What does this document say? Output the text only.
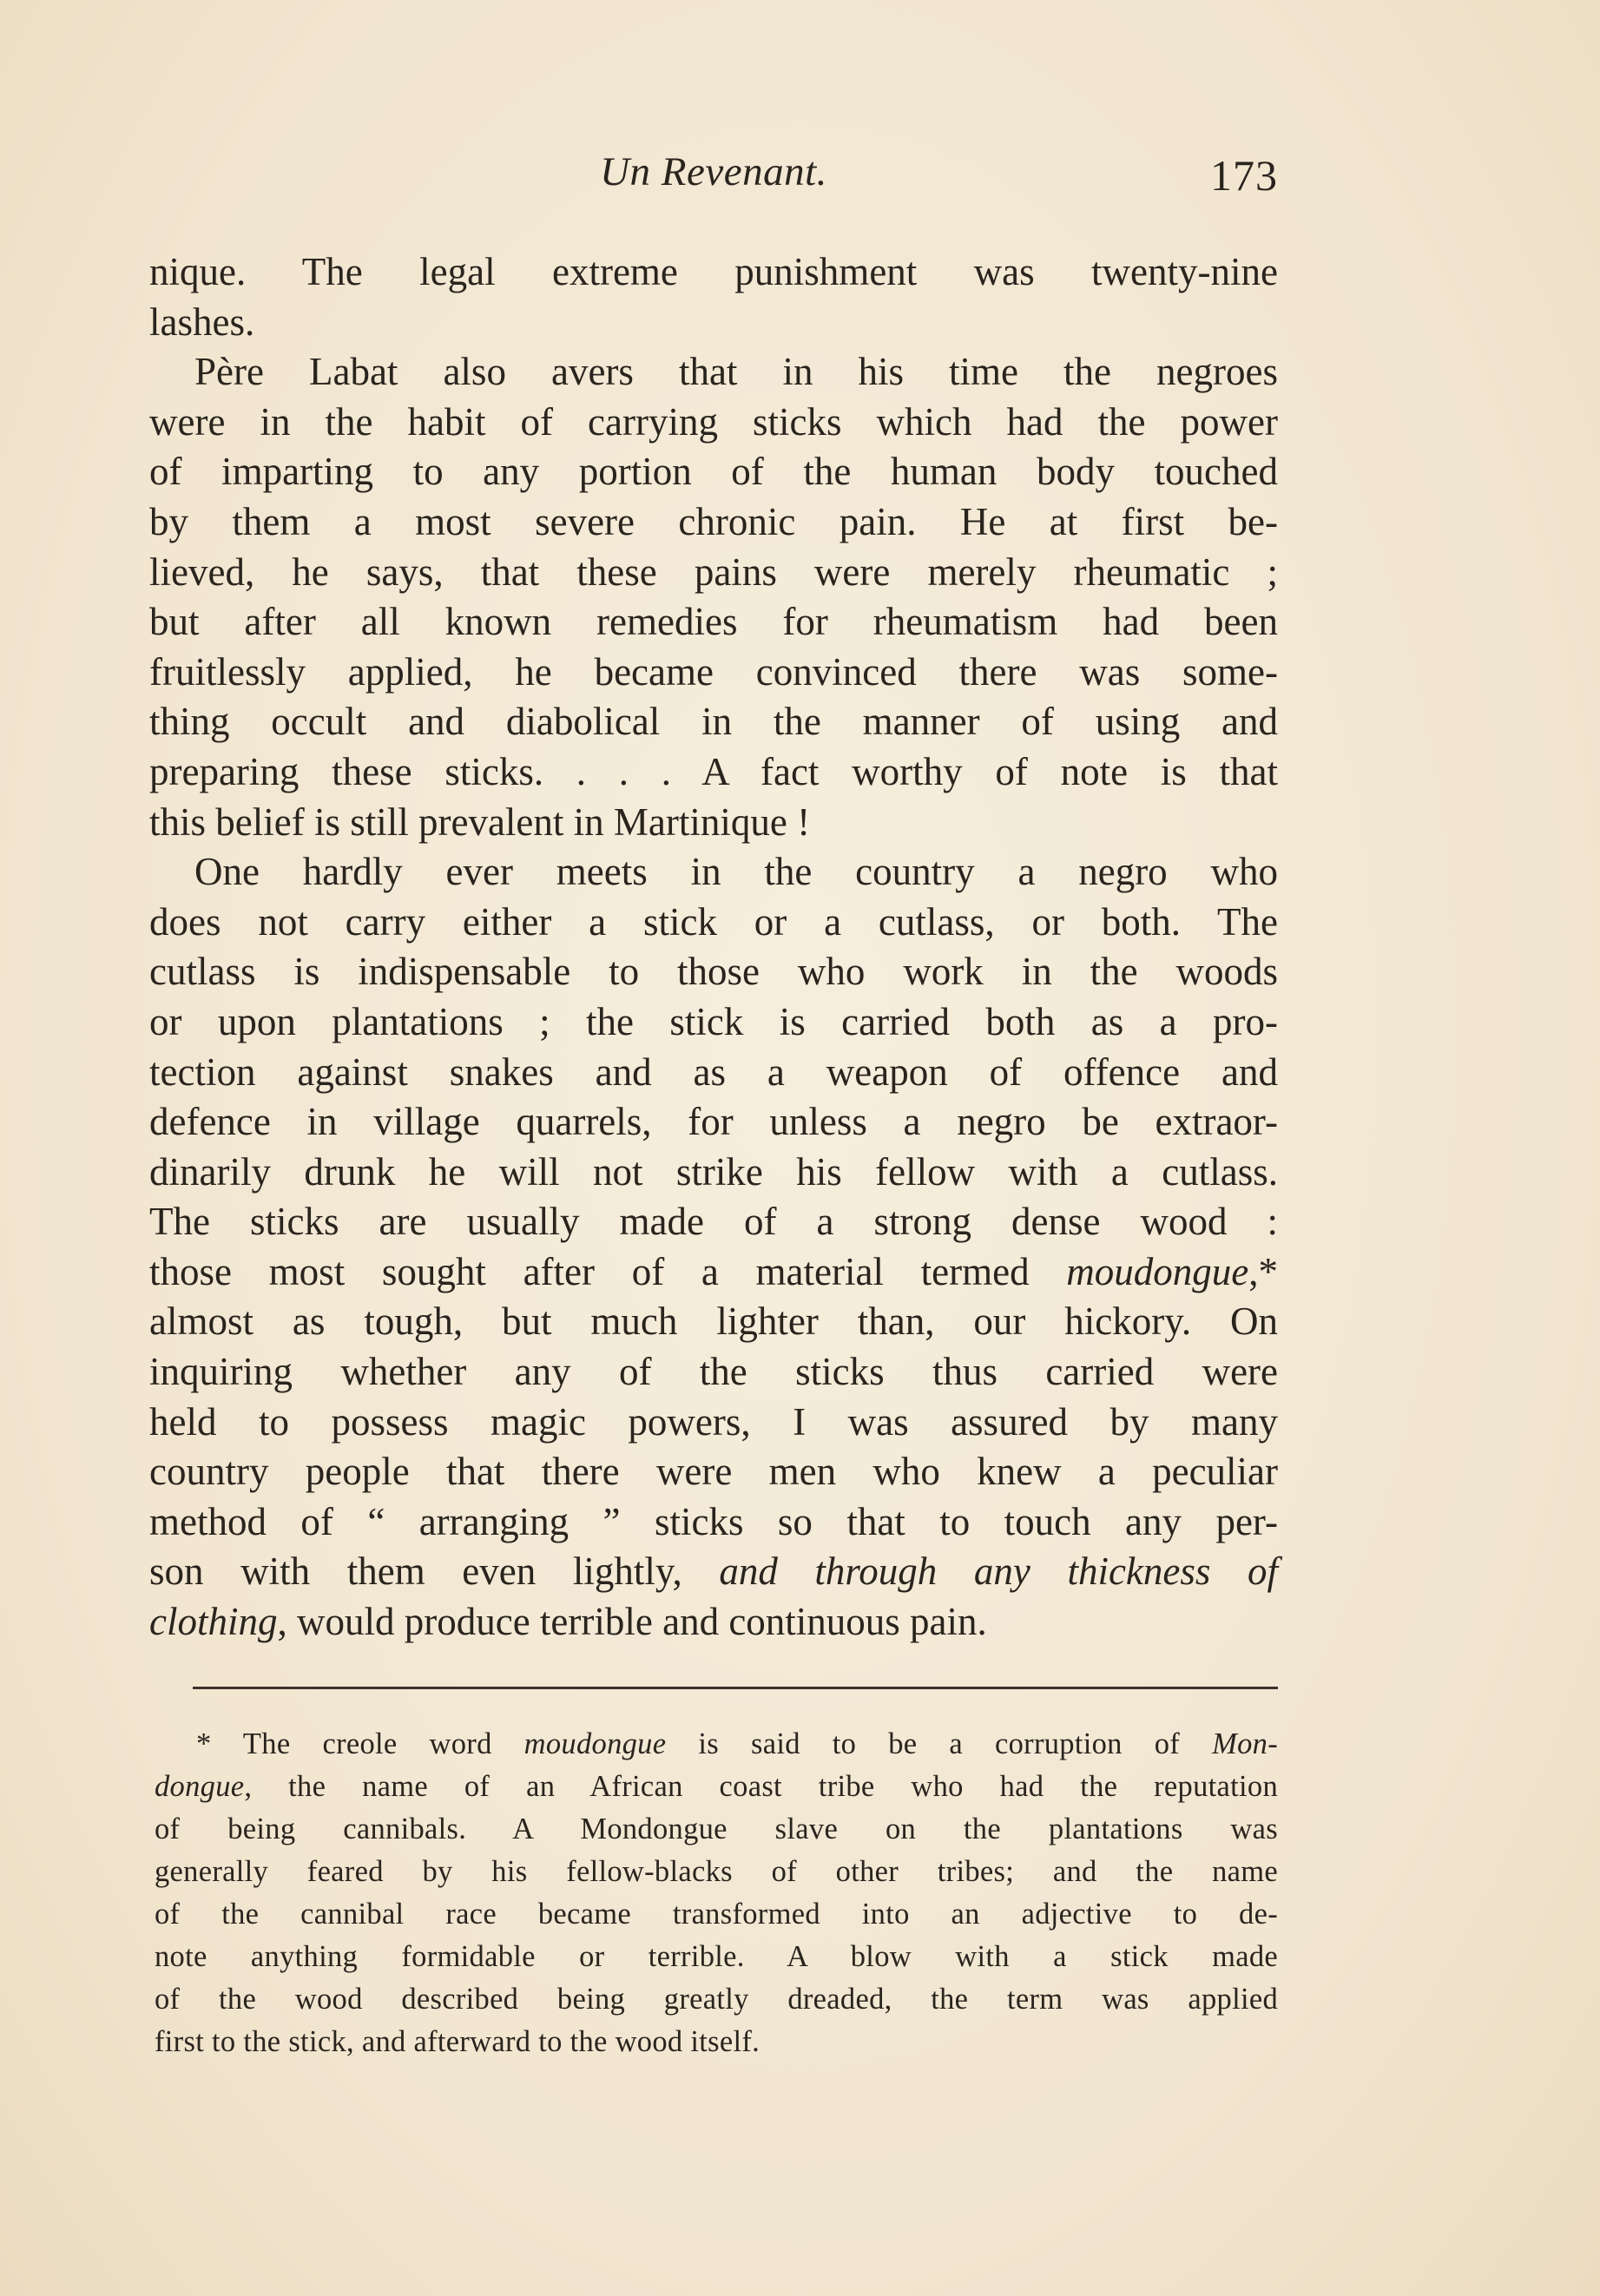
Un Revenant.	173
nique. The legal extreme punishment was twenty-nine
lashes.
Père Labat also avers that in his time the negroes
were in the habit of carrying sticks which had the power
of imparting to any portion of the human body touched
by them a most severe chronic pain. He at first be-
lieved, he says, that these pains were merely rheumatic ;
but after all known remedies for rheumatism had been
fruitlessly applied, he became convinced there was some-
thing occult and diabolical in the manner of using and
preparing these sticks. . . . A fact worthy of note is that
this belief is still prevalent in Martinique !
One hardly ever meets in the country a negro who
does not carry either a stick or a cutlass, or both. The
cutlass is indispensable to those who work in the woods
or upon plantations ; the stick is carried both as a pro-
tection against snakes and as a weapon of offence and
defence in village quarrels, for unless a negro be extraor-
dinarily drunk he will not strike his fellow with a cutlass.
The sticks are usually made of a strong dense wood :
those most sought after of a material termed moudongue,*
almost as tough, but much lighter than, our hickory. On
inquiring whether any of the sticks thus carried were
held to possess magic powers, I was assured by many
country people that there were men who knew a peculiar
method of “ arranging ” sticks so that to touch any per-
son with them even lightly, and through any thickness of
clothing, would produce terrible and continuous pain.
* The creole word moudongue is said to be a corruption of Mon-
dongue, the name of an African coast tribe who had the reputation
of being cannibals. A Mondongue slave on the plantations was
generally feared by his fellow-blacks of other tribes; and the name
of the cannibal race became transformed into an adjective to de-
note anything formidable or terrible. A blow with a stick made
of the wood described being greatly dreaded, the term was applied
first to the stick, and afterward to the wood itself.
